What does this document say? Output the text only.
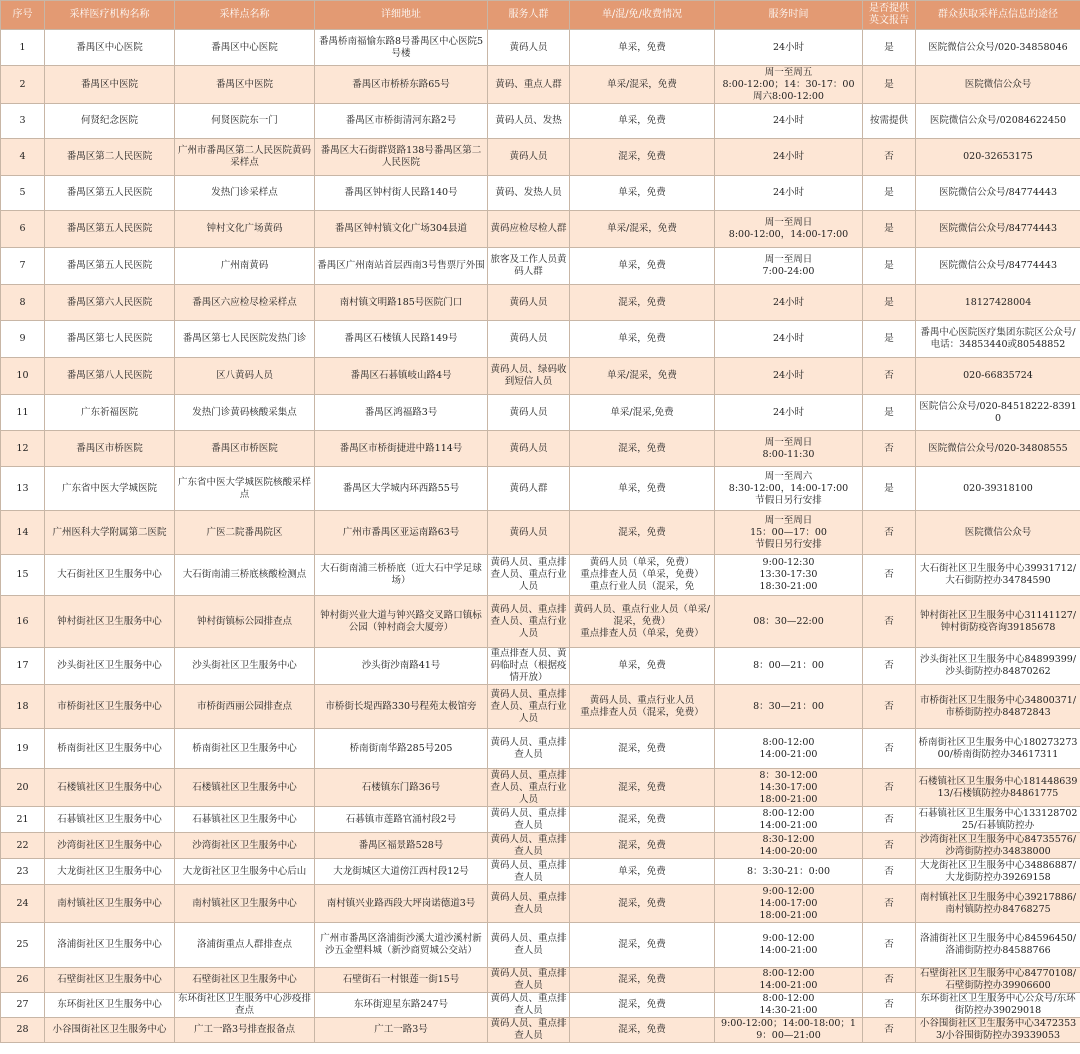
序号	采样医疗机构名称	采样点名称	详细地址	服务人群	单/混/免/收费情况	服务时间	是否提供英文报告	群众获取采样点信息的途径
1	番禺区中心医院	番禺区中心医院	番禺桥南福愉东路8号番禺区中心医院5号楼	黄码人员	单采，免费	24小时	是	医院微信公众号/020-34858046
2	番禺区中医院	番禺区中医院	番禺区市桥桥东路65号	黄码、重点人群	单采/混采，免费	周一至周五
8:00-12:00；14：30-17：00
周六8:00-12:00	是	医院微信公众号
3	何贤纪念医院	何贤医院东一门	番禺区市桥街清河东路2号	黄码人员、发热	单采，免费	24小时	按需提供	医院微信公众号/02084622450
4	番禺区第二人民医院	广州市番禺区第二人民医院黄码采样点	番禺区大石街群贤路138号番禺区第二人民医院	黄码人员	混采，免费	24小时	否	020-32653175
5	番禺区第五人民医院	发热门诊采样点	番禺区钟村街人民路140号	黄码、发热人员	单采，免费	24小时	是	医院微信公众号/84774443
6	番禺区第五人民医院	钟村文化广场黄码	番禺区钟村镇文化广场304县道	黄码应检尽检人群	单采/混采，免费	周一至周日
8:00-12:00，14:00-17:00	是	医院微信公众号/84774443
7	番禺区第五人民医院	广州南黄码	番禺区广州南站首层西南3号售票厅外围	旅客及工作人员黄码人群	单采，免费	周一至周日
7:00-24:00	是	医院微信公众号/84774443
8	番禺区第六人民医院	番禺区六应检尽检采样点	南村镇文明路185号医院门口	黄码人员	混采，免费	24小时	是	18127428004
9	番禺区第七人民医院	番禺区第七人民医院发热门诊	番禺区石楼镇人民路149号	黄码人员	单采，免费	24小时	是	番禺中心医院医疗集团东院区公众号/电话：34853440或80548852
10	番禺区第八人民医院	区八黄码人员	番禺区石碁镇岐山路4号	黄码人员、绿码收到短信人员	单采/混采，免费	24小时	否	020-66835724
11	广东祈福医院	发热门诊黄码核酸采集点	番禺区鸿福路3号	黄码人员	单采/混采,免费	24小时	是	医院信公众号/020-84518222-83910
12	番禺区市桥医院	番禺区市桥医院	番禺区市桥街捷进中路114号	黄码人员	混采，免费	周一至周日
8:00-11:30	否	医院微信公众号/020-34808555
13	广东省中医大学城医院	广东省中医大学城医院核酸采样点	番禺区大学城内环西路55号	黄码人群	单采，免费	周一至周六
8:30-12:00，14:00-17:00
节假日另行安排	是	020-39318100
14	广州医科大学附属第二医院	广医二院番禺院区	广州市番禺区亚运南路63号	黄码人员	混采，免费	周一至周日
15：00—17：00
节假日另行安排	否	医院微信公众号
15	大石街社区卫生服务中心	大石街南浦三桥底核酸检测点	大石街南浦三桥桥底（近大石中学足球场）	黄码人员、重点排查人员、重点行业人员	黄码人员（单采，免费）
重点排查人员（单采，免费）
重点行业人员（混采，免	9:00-12:30
13:30-17:30
18:30-21:00	否	大石街社区卫生服务中心39931712/大石街防控办34784590
16	钟村街社区卫生服务中心	钟村街镇标公园排查点	钟村街兴业大道与钟兴路交叉路口镇标公园（钟村商会大厦旁）	黄码人员、重点排查人员、重点行业人员	黄码人员、重点行业人员（单采/混采，免费）
重点排查人员（单采，免费）	08：30—22:00	否	钟村街社区卫生服务中心31141127/钟村街防疫咨询39185678
17	沙头街社区卫生服务中心	沙头街社区卫生服务中心	沙头街沙南路41号	重点排查人员、黄码临时点（根据疫情开放）	单采，免费	8：00—21：00	否	沙头街社区卫生服务中心84899399/沙头街防控办84870262
18	市桥街社区卫生服务中心	市桥街西丽公园排查点	市桥街长堤西路330号程苑太极馆旁	黄码人员、重点排查人员、重点行业人员	黄码人员、重点行业人员
重点排查人员（混采，免费）	8：30—21：00	否	市桥街社区卫生服务中心34800371/市桥街防控办84872843
19	桥南街社区卫生服务中心	桥南街社区卫生服务中心	桥南街南华路285号205	黄码人员、重点排查人员	混采，免费	8:00-12:00
14:00-21:00	否	桥南街社区卫生服务中心18027327300/桥南街防控办34617311
20	石楼镇社区卫生服务中心	石楼镇社区卫生服务中心	石楼镇东门路36号	黄码人员、重点排查人员、重点行业人员	混采，免费	8：30-12:00
14:30-17:00
18:00-21:00	否	石楼镇社区卫生服务中心18144863913/石楼镇防控办84861775
21	石碁镇社区卫生服务中心	石碁镇社区卫生服务中心	石碁镇市莲路官涌村段2号	黄码人员、重点排查人员	混采，免费	8:00-12:00
14:00-21:00	否	石碁镇社区卫生服务中心13312870225/石碁镇防控办
22	沙湾街社区卫生服务中心	沙湾街社区卫生服务中心	番禺区福景路528号	黄码人员、重点排查人员	混采，免费	8:30-12:00
14:00-20:00	否	沙湾街社区卫生服务中心84735576/沙湾街防控办34838000
23	大龙街社区卫生服务中心	大龙街社区卫生服务中心后山	大龙街城区大道傍江西村段12号	黄码人员、重点排查人员	单采，免费	8：3:30-21：0:00	否	大龙街社区卫生服务中心34886887/大龙街防控办39269158
24	南村镇社区卫生服务中心	南村镇社区卫生服务中心	南村镇兴业路西段大坪岗诺德道3号	黄码人员、重点排查人员	混采，免费	9:00-12:00
14:00-17:00
18:00-21:00	否	南村镇社区卫生服务中心39217886/南村镇防控办84768275
25	洛浦街社区卫生服务中心	洛浦街重点人群排查点	广州市番禺区洛浦街沙溪大道沙溪村新沙五金塑料城（新沙商贸城公交站）	黄码人员、重点排查人员	混采，免费	9:00-12:00
14:00-21:00	否	洛浦街社区卫生服务中心84596450/洛浦街防控办84588766
26	石壁街社区卫生服务中心	石壁街社区卫生服务中心	石壁街石一村银莲一街15号	黄码人员、重点排查人员	混采，免费	8:00-12:00
14:00-21:00	否	石壁街社区卫生服务中心84770108/石壁街防控办39906600
27	东环街社区卫生服务中心	东环街社区卫生服务中心涉疫排查点	东环街迎星东路247号	黄码人员、重点排查人员	混采，免费	8:00-12:00
14:30-21:00	否	东环街社区卫生服务中心公众号/东环街防控办39029018
28	小谷围街社区卫生服务中心	广工一路3号排查报备点	广工一路3号	黄码人员、重点排查人员	混采，免费	9:00-12:00；14:00-18:00；19：00—21:00	否	小谷围街社区卫生服务中心34723533/小谷围街防控办39339053
